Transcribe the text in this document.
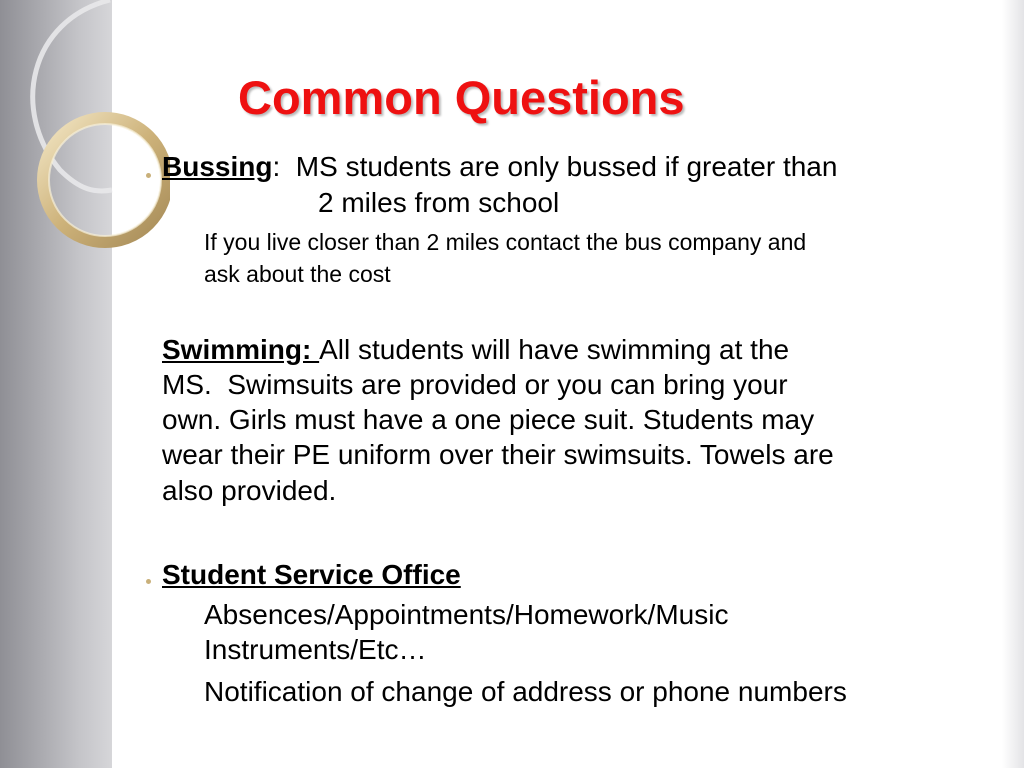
Common Questions

Bussing:  MS students are only bussed if greater than

2 miles from school

If you live closer than 2 miles contact the bus company and

ask about the cost

Swimming: All students will have swimming at the

MS.  Swimsuits are provided or you can bring your

own. Girls must have a one piece suit. Students may

wear their PE uniform over their swimsuits. Towels are

also provided.

Student Service Office

Absences/Appointments/Homework/Music

Instruments/Etc…

Notification of change of address or phone numbers
